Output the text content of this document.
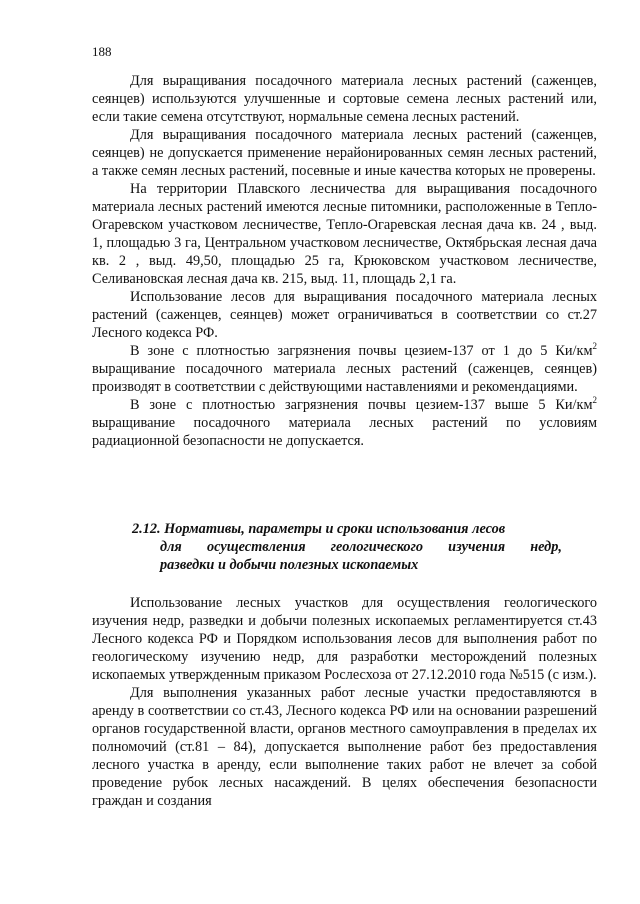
188

Для выращивания посадочного материала лесных растений (саженцев, сеянцев) используются улучшенные и сортовые семена лесных растений или, если такие семена отсутствуют, нормальные семена лесных растений.

Для выращивания посадочного материала лесных растений (саженцев, сеянцев) не допускается применение нерайонированных семян лесных растений, а также семян лесных растений, посевные и иные качества которых не проверены.

На территории Плавского лесничества для выращивания посадочного материала лесных растений имеются лесные питомники, расположенные в Тепло-Огаревском участковом лесничестве, Тепло-Огаревская лесная дача кв. 24 , выд. 1, площадью 3 га, Центральном участковом лесничестве, Октябрьская лесная дача кв. 2 , выд. 49,50, площадью 25 га, Крюковском участковом лесничестве, Селивановская лесная дача кв. 215, выд. 11, площадь 2,1 га.

Использование лесов для выращивания посадочного материала лесных растений (саженцев, сеянцев) может ограничиваться в соответствии со ст.27 Лесного кодекса РФ.

В зоне с плотностью загрязнения почвы цезием-137 от 1 до 5 $Ки/км^2$ выращивание посадочного материала лесных растений (саженцев, сеянцев) производят в соответствии с действующими наставлениями и рекомендациями.

В зоне с плотностью загрязнения почвы цезием-137 выше 5 $Ки/км^2$ выращивание посадочного материала лесных растений по условиям радиационной безопасности не допускается.

2.12. Нормативы, параметры и сроки использования лесов
для осуществления геологического изучения недр,
разведки и добычи полезных ископаемых

Использование лесных участков для осуществления геологического изучения недр, разведки и добычи полезных ископаемых регламентируется ст.43 Лесного кодекса РФ и Порядком использования лесов для выполнения работ по геологическому изучению недр, для разработки месторождений полезных ископаемых утвержденным приказом Рослесхоза от 27.12.2010 года №515 (с изм.).

Для выполнения указанных работ лесные участки предоставляются в аренду в соответствии со ст.43, Лесного кодекса РФ или на основании разрешений органов государственной власти, органов местного самоуправления в пределах их полномочий (ст.81 – 84), допускается выполнение работ без предоставления лесного участка в аренду, если выполнение таких работ не влечет за собой проведение рубок лесных насаждений. В целях обеспечения безопасности граждан и создания
